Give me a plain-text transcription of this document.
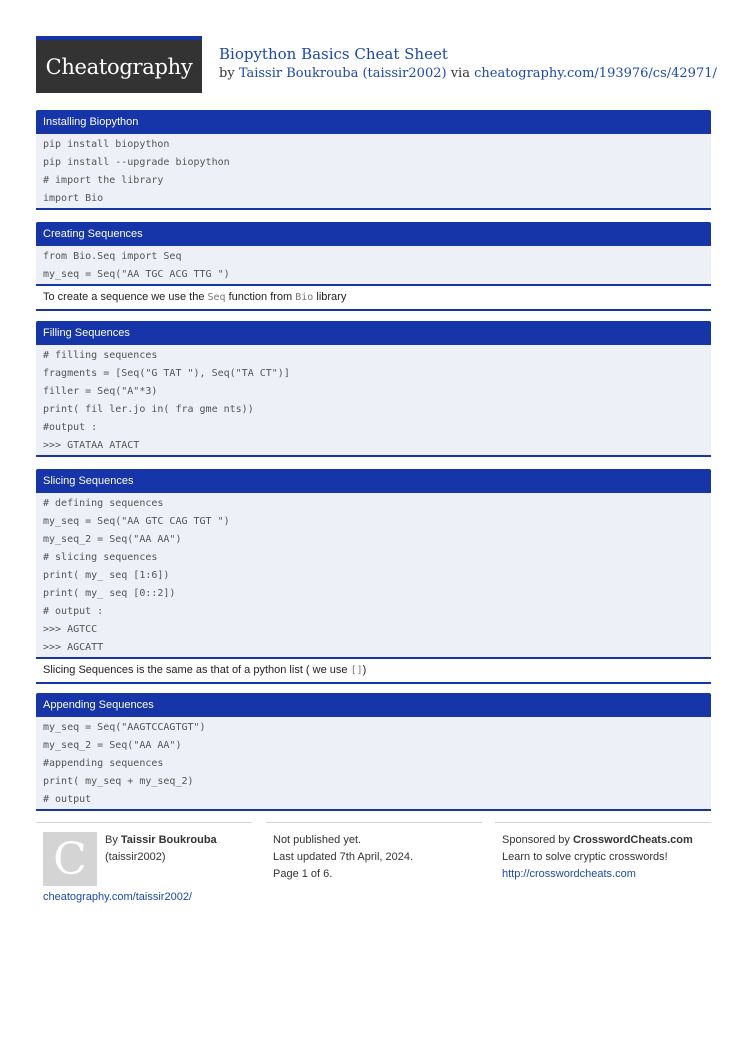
Cheatography
Biopython Basics Cheat Sheet
by Taissir Boukrouba (taissir2002) via cheatography.com/193976/cs/42971/
Installing Biopython
pip install biopython
pip install --upgrade biopython
# import the library
import Bio
Creating Sequences
from Bio.Seq import Seq
my_seq = Seq("AA TGC ACG TTG ")
To create a sequence we use the Seq function from Bio library
Filling Sequences
# filling sequences
fragments = [Seq("G TAT "), Seq("TA CT")]
filler = Seq("A"*3)
print( fil ler.jo in( fra gme nts))
#output :
>>> GTATAA ATACT
Slicing Sequences
# defining sequences
my_seq = Seq("AA GTC CAG TGT ")
my_seq_2 = Seq("AA AA")
# slicing sequences
print( my_ seq [1:6])
print( my_ seq [0::2])
# output :
>>> AGTCC
>>> AGCATT
Slicing Sequences is the same as that of a python list ( we use [])
Appending Sequences
my_seq = Seq("AAGTCCAGTGT")
my_seq_2 = Seq("AA AA")
#appending sequences
print( my_seq + my_seq_2)
# output
C By Taissir Boukrouba
(taissir2002)
Not published yet.
Last updated 7th April, 2024.
Page 1 of 6.
Sponsored by CrosswordCheats.com
Learn to solve cryptic crosswords!
http://crosswordcheats.com
cheatography.com/taissir2002/
